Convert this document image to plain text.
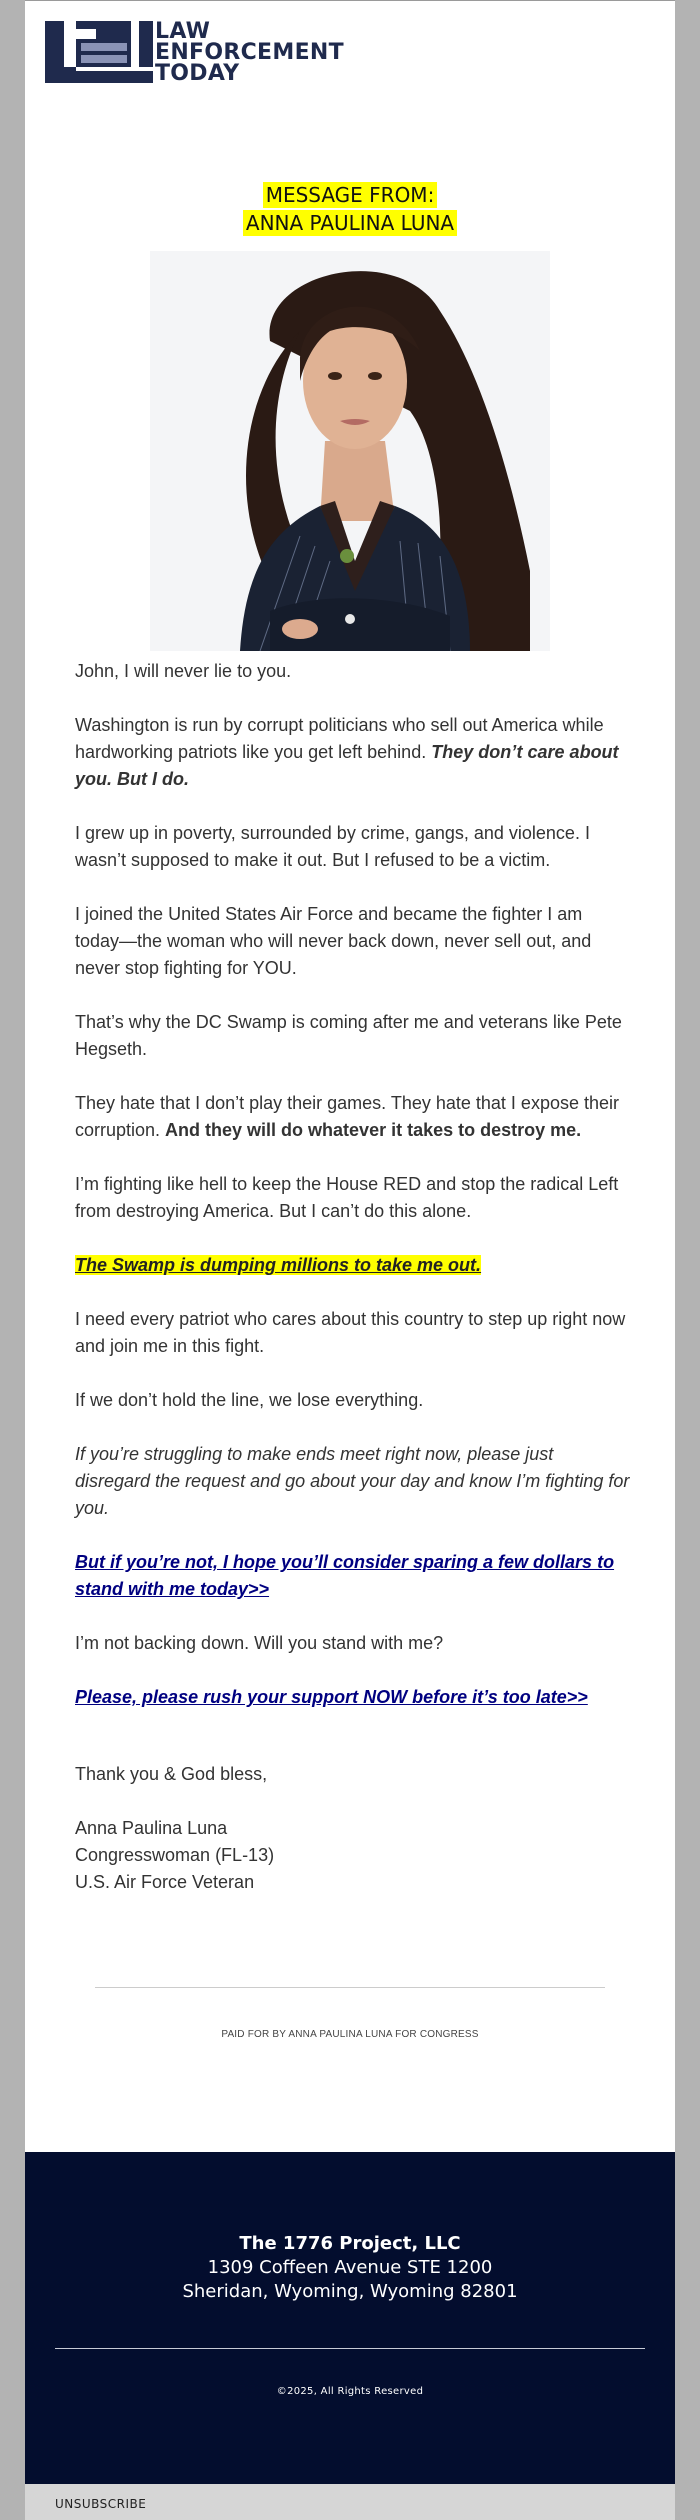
LAW
ENFORCEMENT
TODAY
MESSAGE FROM:
ANNA PAULINA LUNA

John, I will never lie to you.

Washington is run by corrupt politicians who sell out America while hardworking patriots like you get left behind. They don’t care about you. But I do.

I grew up in poverty, surrounded by crime, gangs, and violence. I wasn’t supposed to make it out. But I refused to be a victim.

I joined the United States Air Force and became the fighter I am today—the woman who will never back down, never sell out, and never stop fighting for YOU.

That’s why the DC Swamp is coming after me and veterans like Pete Hegseth.

They hate that I don’t play their games. They hate that I expose their corruption. And they will do whatever it takes to destroy me.

I’m fighting like hell to keep the House RED and stop the radical Left from destroying America. But I can’t do this alone.

The Swamp is dumping millions to take me out.

I need every patriot who cares about this country to step up right now and join me in this fight.

If we don’t hold the line, we lose everything.

If you’re struggling to make ends meet right now, please just disregard the request and go about your day and know I’m fighting for you.

But if you’re not, I hope you’ll consider sparing a few dollars to stand with me today>>

I’m not backing down. Will you stand with me?

Please, please rush your support NOW before it’s too late>>

Thank you & God bless,
Anna Paulina Luna
Congresswoman (FL-13)
U.S. Air Force Veteran
PAID FOR BY ANNA PAULINA LUNA FOR CONGRESS
The 1776 Project, LLC
1309 Coffeen Avenue STE 1200
Sheridan, Wyoming, Wyoming 82801
©2025, All Rights Reserved
UNSUBSCRIBE
